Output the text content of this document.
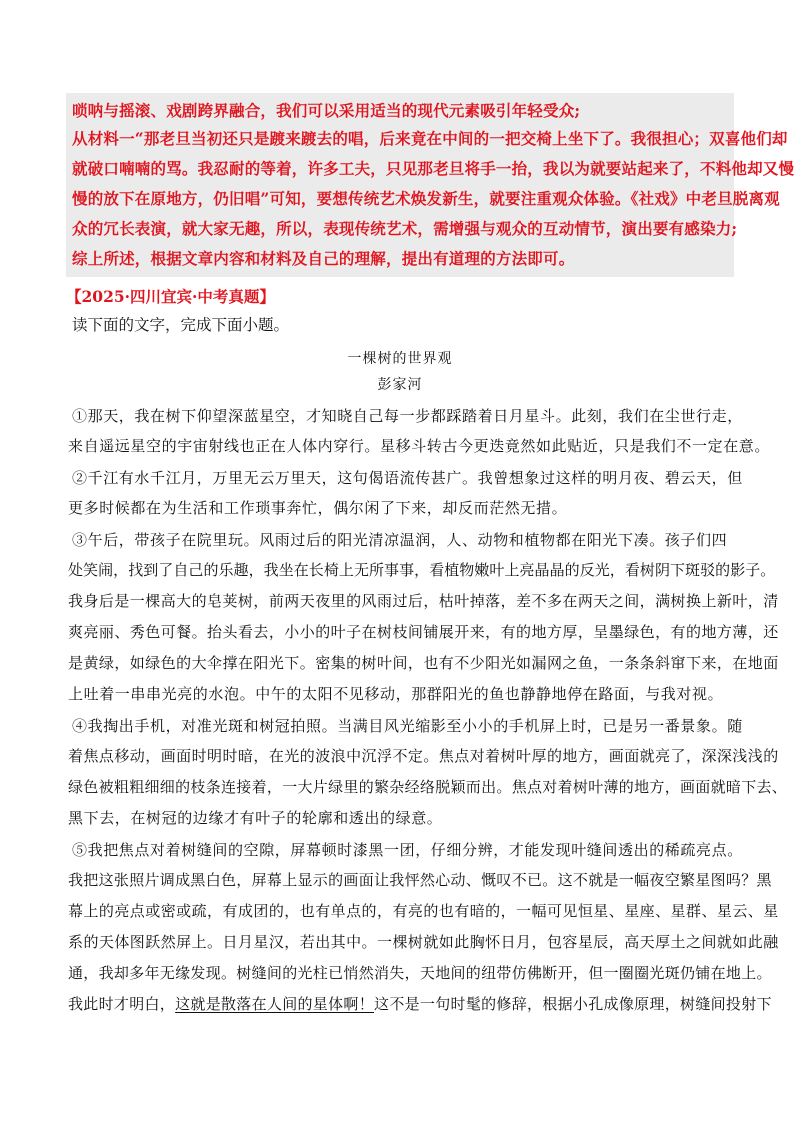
唢呐与摇滚、戏剧跨界融合，我们可以采用适当的现代元素吸引年轻受众;
从材料一“那老旦当初还只是踱来踱去的唱，后来竟在中间的一把交椅上坐下了。我很担心；双喜他们却
就破口喃喃的骂。我忍耐的等着，许多工夫，只见那老旦将手一抬，我以为就要站起来了，不料他却又慢
慢的放下在原地方，仍旧唱”可知，要想传统艺术焕发新生，就要注重观众体验。《社戏》中老旦脱离观
众的冗长表演，就大家无趣，所以，表现传统艺术，需增强与观众的互动情节，演出要有感染力;
综上所述，根据文章内容和材料及自己的理解，提出有道理的方法即可。
【2025·四川宜宾·中考真题】
读下面的文字，完成下面小题。
一棵树的世界观
彭家河
①那天，我在树下仰望深蓝星空，才知晓自己每一步都踩踏着日月星斗。此刻，我们在尘世行走，
来自遥远星空的宇宙射线也正在人体内穿行。星移斗转古今更迭竟然如此贴近，只是我们不一定在意。
②千江有水千江月，万里无云万里天，这句偈语流传甚广。我曾想象过这样的明月夜、碧云天，但
更多时候都在为生活和工作琐事奔忙，偶尔闲了下来，却反而茫然无措。
③午后，带孩子在院里玩。风雨过后的阳光清凉温润，人、动物和植物都在阳光下凑。孩子们四
处笑闹，找到了自己的乐趣，我坐在长椅上无所事事，看植物嫩叶上亮晶晶的反光，看树阴下斑驳的影子。
我身后是一棵高大的皂荚树，前两天夜里的风雨过后，枯叶掉落，差不多在两天之间，满树换上新叶，清
爽亮丽、秀色可餐。抬头看去，小小的叶子在树枝间铺展开来，有的地方厚，呈墨绿色，有的地方薄，还
是黄绿，如绿色的大伞撑在阳光下。密集的树叶间，也有不少阳光如漏网之鱼，一条条斜窜下来，在地面
上吐着一串串光亮的水泡。中午的太阳不见移动，那群阳光的鱼也静静地停在路面，与我对视。
④我掏出手机，对准光斑和树冠拍照。当满目风光缩影至小小的手机屏上时，已是另一番景象。随
着焦点移动，画面时明时暗，在光的波浪中沉浮不定。焦点对着树叶厚的地方，画面就亮了，深深浅浅的
绿色被粗粗细细的枝条连接着，一大片绿里的繁杂经络脱颖而出。焦点对着树叶薄的地方，画面就暗下去、
黑下去，在树冠的边缘才有叶子的轮廓和透出的绿意。
⑤我把焦点对着树缝间的空隙，屏幕顿时漆黑一团，仔细分辨，才能发现叶缝间透出的稀疏亮点。
我把这张照片调成黑白色，屏幕上显示的画面让我怦然心动、慨叹不已。这不就是一幅夜空繁星图吗？黑
幕上的亮点或密或疏，有成团的，也有单点的，有亮的也有暗的，一幅可见恒星、星座、星群、星云、星
系的天体图跃然屏上。日月星汉，若出其中。一棵树就如此胸怀日月，包容星辰，高天厚土之间就如此融
通，我却多年无缘发现。树缝间的光柱已悄然消失，天地间的纽带仿佛断开，但一圈圈光斑仍铺在地上。
我此时才明白，这就是散落在人间的星体啊！这不是一句时髦的修辞，根据小孔成像原理，树缝间投射下
